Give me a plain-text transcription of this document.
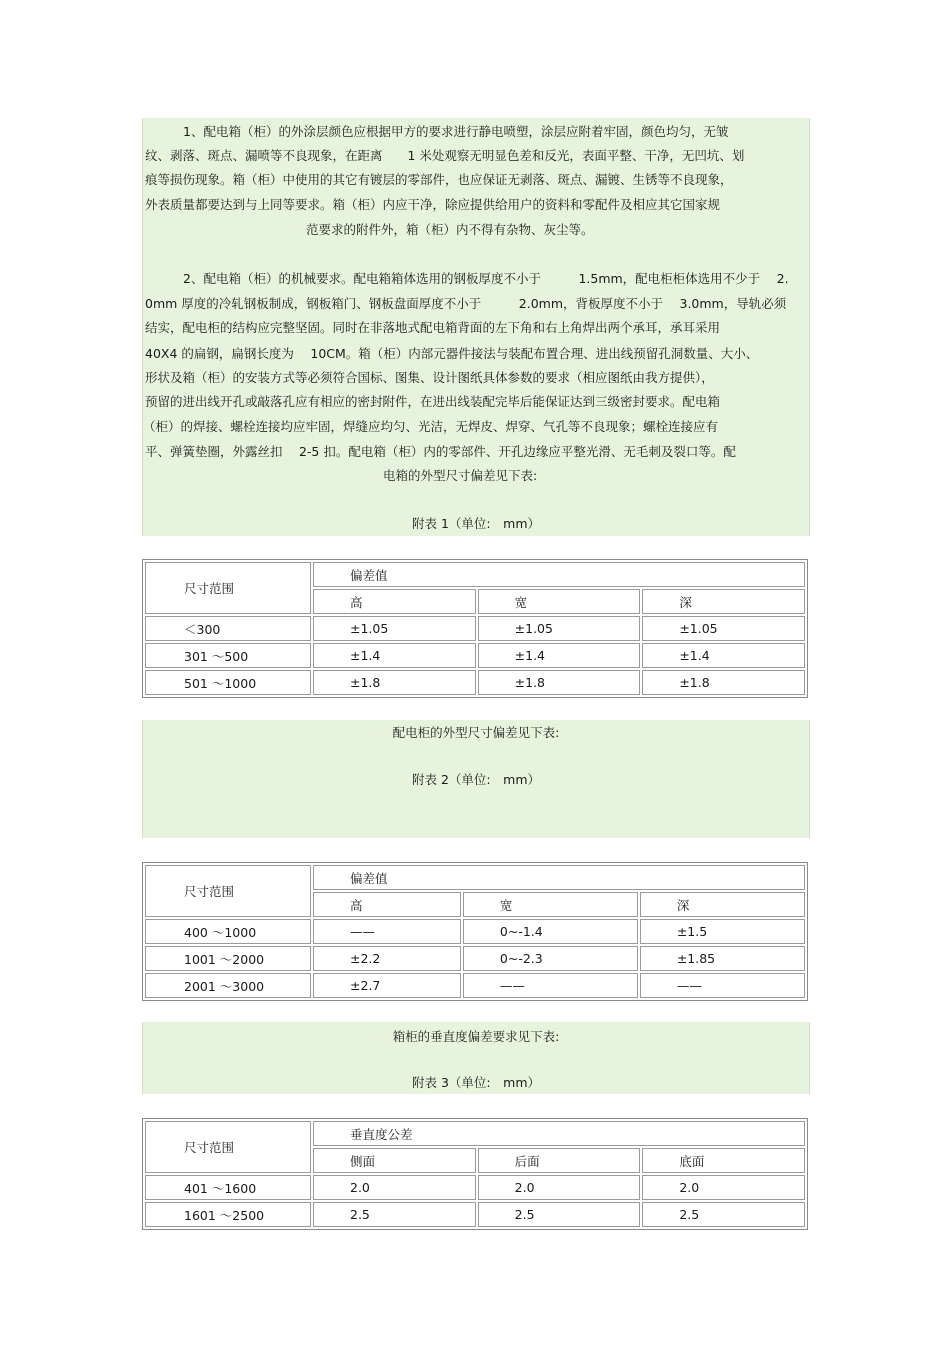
1、配电箱（柜）的外涂层颜色应根据甲方的要求进行静电喷塑，涂层应附着牢固，颜色均匀，无皱
纹、剥落、斑点、漏喷等不良现象，在距离　　1 米处观察无明显色差和反光，表面平整、干净，无凹坑、划
痕等损伤现象。箱（柜）中使用的其它有镀层的零部件，也应保证无剥落、斑点、漏镀、生锈等不良现象，
外表质量都要达到与上同等要求。箱（柜）内应干净，除应提供给用户的资料和零配件及相应其它国家规
范要求的附件外，箱（柜）内不得有杂物、灰尘等。
2、配电箱（柜）的机械要求。配电箱箱体选用的钢板厚度不小于　　　1.5mm，配电柜柜体选用不少于　 2.
0mm 厚度的冷轧钢板制成，钢板箱门、钢板盘面厚度不小于　　　2.0mm，背板厚度不小于　 3.0mm，导轨必须
结实，配电柜的结构应完整坚固。同时在非落地式配电箱背面的左下角和右上角焊出两个承耳，承耳采用
40X4 的扁钢，扁钢长度为　 10CM。箱（柜）内部元器件接法与装配布置合理、进出线预留孔洞数量、大小、
形状及箱（柜）的安装方式等必须符合国标、图集、设计图纸具体参数的要求（相应图纸由我方提供），
预留的进出线开孔或敲落孔应有相应的密封附件，在进出线装配完毕后能保证达到三级密封要求。配电箱
（柜）的焊接、螺栓连接均应牢固，焊缝应均匀、光洁，无焊皮、焊穿、气孔等不良现象；螺栓连接应有
平、弹簧垫圈，外露丝扣　 2-5 扣。配电箱（柜）内的零部件、开孔边缘应平整光滑、无毛刺及裂口等。配
电箱的外型尺寸偏差见下表:
附表 1（单位:　mm）
尺寸范围	偏差值		
	高	宽	深
＜300	±1.05	±1.05	±1.05
301 ～500	±1.4	±1.4	±1.4
501 ～1000	±1.8	±1.8	±1.8
配电柜的外型尺寸偏差见下表:
附表 2（单位:　mm）
尺寸范围	偏差值		
	高	宽	深
400 ～1000	——	0~-1.4	±1.5
1001 ～2000	±2.2	0~-2.3	±1.85
2001 ～3000	±2.7	——	——
箱柜的垂直度偏差要求见下表:
附表 3（单位:　mm）
尺寸范围	垂直度公差		
	侧面	后面	底面
401 ～1600	2.0	2.0	2.0
1601 ～2500	2.5	2.5	2.5
